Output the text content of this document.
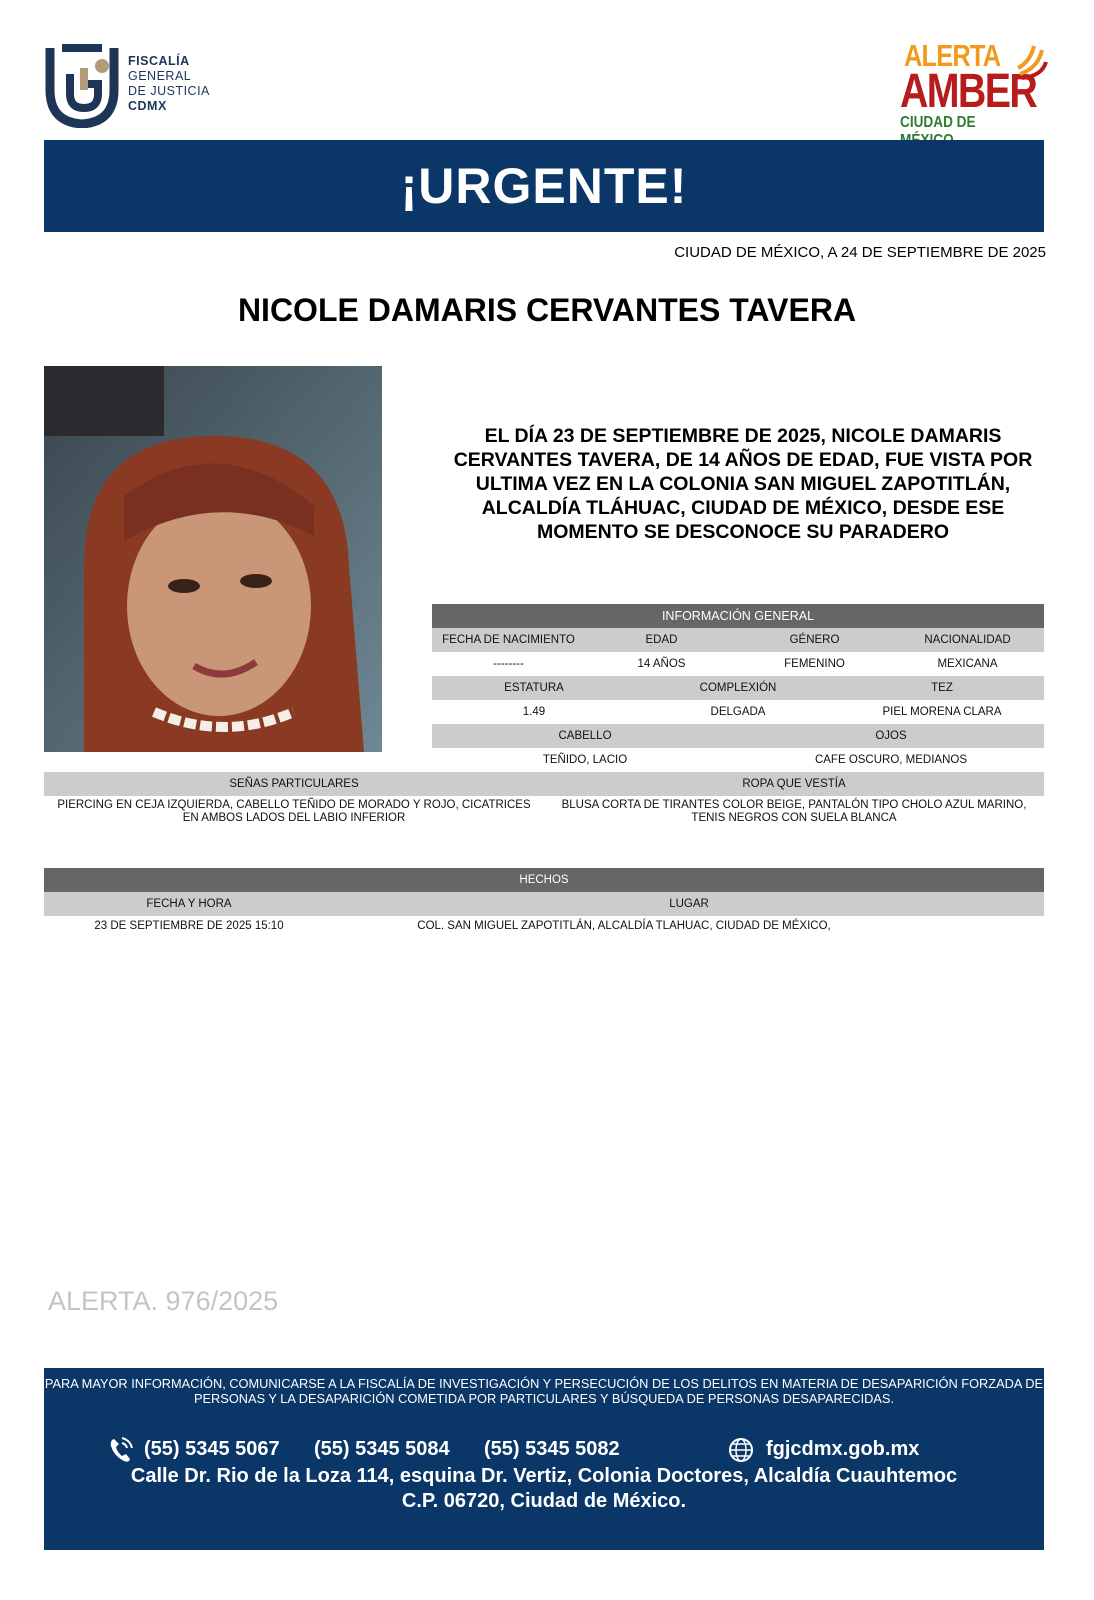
FISCALÍA
GENERAL
DE JUSTICIA
CDMX
ALERTA
AMBER
CIUDAD DE
¡URGENTE!
CIUDAD DE MÉXICO, A 24 DE SEPTIEMBRE DE 2025
NICOLE DAMARIS CERVANTES TAVERA
EL DÍA 23 DE SEPTIEMBRE DE 2025, NICOLE DAMARIS CERVANTES TAVERA, DE 14 AÑOS DE EDAD, FUE VISTA POR ULTIMA VEZ EN LA COLONIA SAN MIGUEL ZAPOTITLÁN, ALCALDÍA TLÁHUAC, CIUDAD DE MÉXICO, DESDE ESE MOMENTO SE DESCONOCE SU PARADERO
INFORMACIÓN GENERAL
FECHA DE NACIMIENTO	EDAD	GÉNERO	NACIONALIDAD
--------	14 AÑOS	FEMENINO	MEXICANA
ESTATURA	COMPLEXIÓN	TEZ
1.49	DELGADA	PIEL MORENA CLARA
CABELLO	OJOS
TEÑIDO, LACIO	CAFE OSCURO, MEDIANOS
SEÑAS PARTICULARES	ROPA QUE VESTÍA
PIERCING EN CEJA IZQUIERDA, CABELLO TEÑIDO DE MORADO Y ROJO, CICATRICES EN AMBOS LADOS DEL LABIO INFERIOR
BLUSA CORTA DE TIRANTES COLOR BEIGE, PANTALÓN TIPO CHOLO AZUL MARINO, TENIS NEGROS CON SUELA BLANCA
HECHOS
FECHA Y HORA	LUGAR
23 DE SEPTIEMBRE DE 2025 15:10	COL. SAN MIGUEL ZAPOTITLÁN, ALCALDÍA TLAHUAC, CIUDAD DE MÉXICO,
ALERTA. 976/2025
PARA MAYOR INFORMACIÓN, COMUNICARSE A LA FISCALÍA DE INVESTIGACIÓN Y PERSECUCIÓN DE LOS DELITOS EN MATERIA DE DESAPARICIÓN FORZADA DE PERSONAS Y LA DESAPARICIÓN COMETIDA POR PARTICULARES Y BÚSQUEDA DE PERSONAS DESAPARECIDAS.
(55) 5345 5067 (55) 5345 5084 (55) 5345 5082	fgjcdmx.gob.mx
Calle Dr. Rio de la Loza 114, esquina Dr. Vertiz, Colonia Doctores, Alcaldía Cuauhtemoc
C.P. 06720, Ciudad de México.
